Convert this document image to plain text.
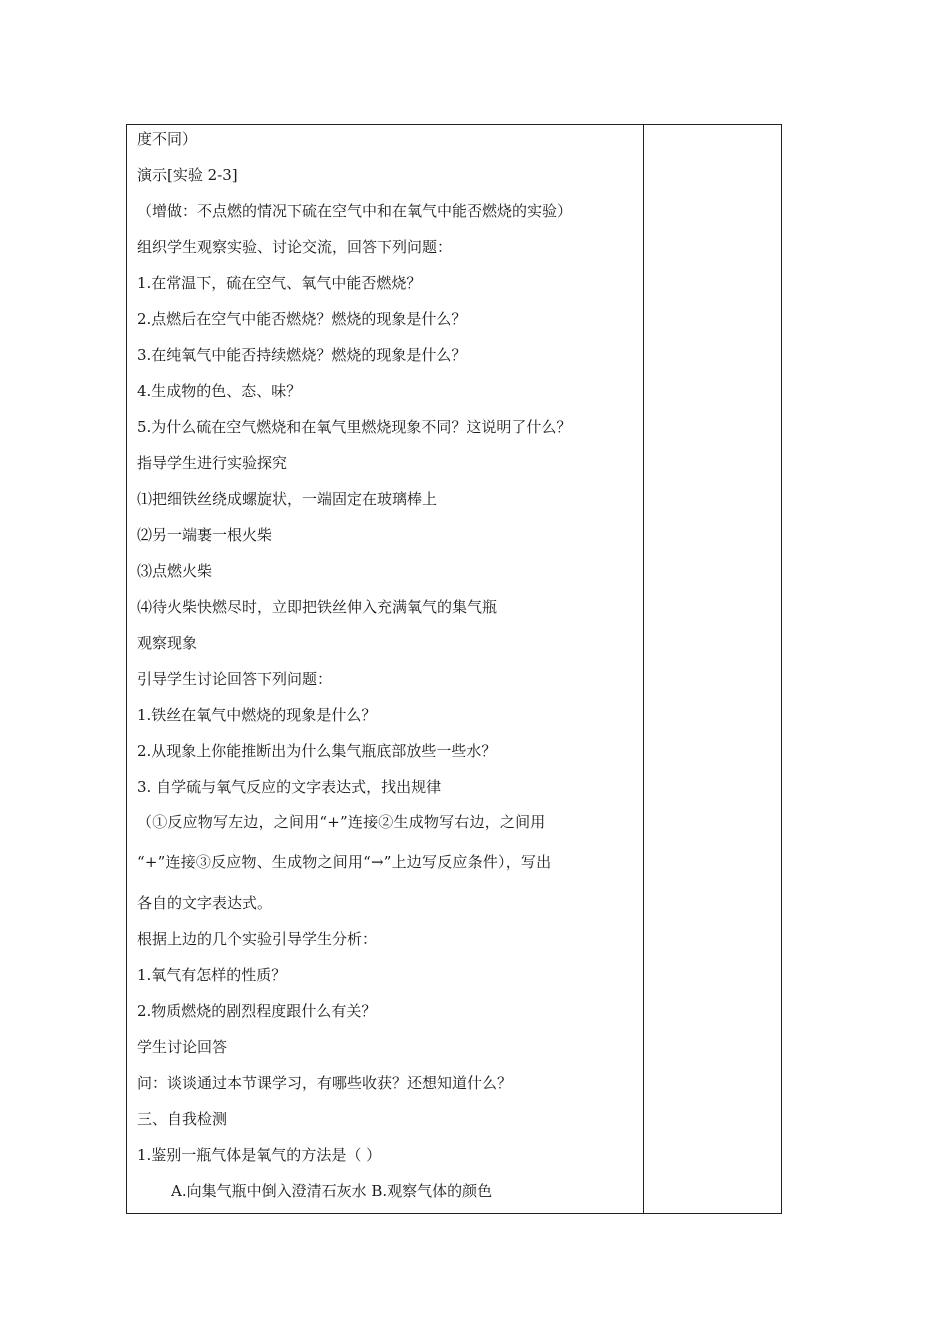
度不同）
演示[实验 2-3]
（增做：不点燃的情况下硫在空气中和在氧气中能否燃烧的实验）
组织学生观察实验、讨论交流，回答下列问题：
1.在常温下，硫在空气、氧气中能否燃烧？
2.点燃后在空气中能否燃烧？燃烧的现象是什么？
3.在纯氧气中能否持续燃烧？燃烧的现象是什么？
4.生成物的色、态、味？
5.为什么硫在空气燃烧和在氧气里燃烧现象不同？这说明了什么？
指导学生进行实验探究
⑴把细铁丝绕成螺旋状，一端固定在玻璃棒上
⑵另一端裹一根火柴
⑶点燃火柴
⑷待火柴快燃尽时，立即把铁丝伸入充满氧气的集气瓶
观察现象
引导学生讨论回答下列问题：
1.铁丝在氧气中燃烧的现象是什么？
2.从现象上你能推断出为什么集气瓶底部放些一些水？
3. 自学硫与氧气反应的文字表达式，找出规律
（①反应物写左边，之间用“+”连接②生成物写右边，之间用
“+”连接③反应物、生成物之间用“→”上边写反应条件），写出
各自的文字表达式。
根据上边的几个实验引导学生分析：
1.氧气有怎样的性质？
2.物质燃烧的剧烈程度跟什么有关？
学生讨论回答
问：谈谈通过本节课学习，有哪些收获？还想知道什么？
三、自我检测
1.鉴别一瓶气体是氧气的方法是（ ）
A.向集气瓶中倒入澄清石灰水 B.观察气体的颜色
